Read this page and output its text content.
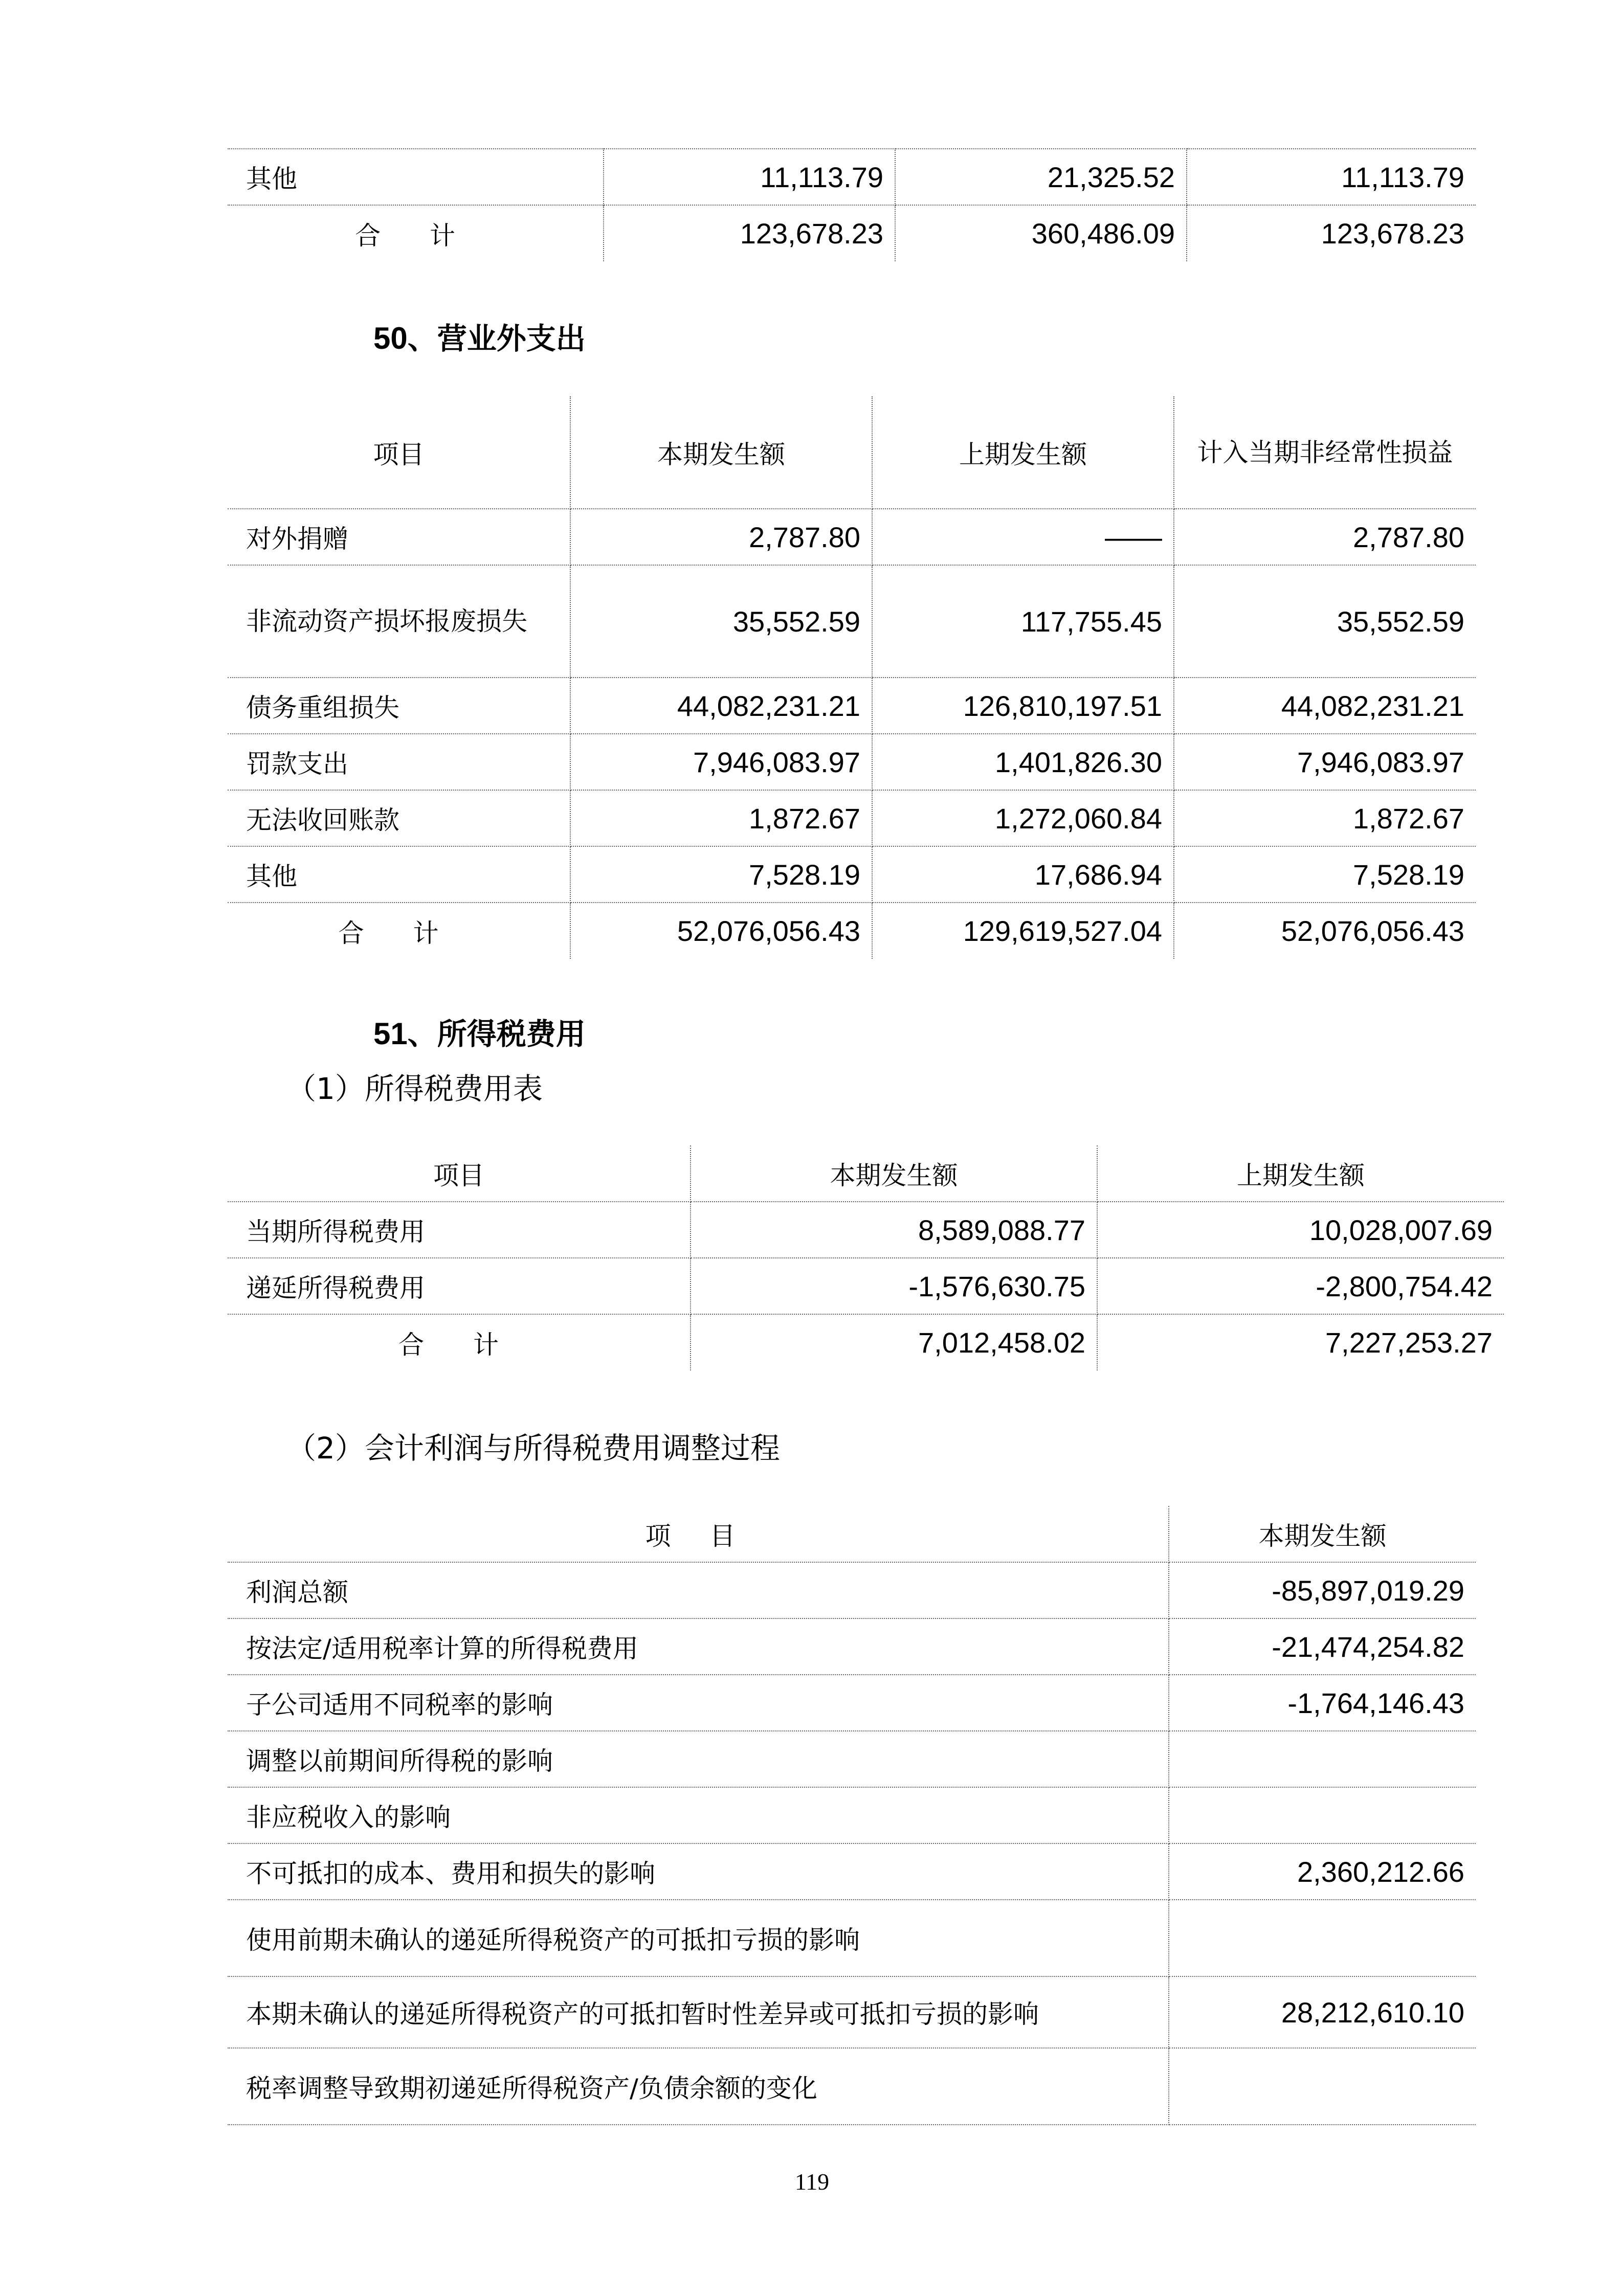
其他	11,113.79	21,325.52	11,113.79
合 计	123,678.23	360,486.09	123,678.23
50、营业外支出
项目	本期发生额	上期发生额	计入当期非经常性损益
对外捐赠	2,787.80	——	2,787.80
非流动资产损坏报废损失	35,552.59	117,755.45	35,552.59
债务重组损失	44,082,231.21	126,810,197.51	44,082,231.21
罚款支出	7,946,083.97	1,401,826.30	7,946,083.97
无法收回账款	1,872.67	1,272,060.84	1,872.67
其他	7,528.19	17,686.94	7,528.19
合 计	52,076,056.43	129,619,527.04	52,076,056.43
51、所得税费用
（1）所得税费用表
项目	本期发生额	上期发生额
当期所得税费用	8,589,088.77	10,028,007.69
递延所得税费用	-1,576,630.75	-2,800,754.42
合 计	7,012,458.02	7,227,253.27
（2）会计利润与所得税费用调整过程
项 目	本期发生额
利润总额	-85,897,019.29
按法定/适用税率计算的所得税费用	-21,474,254.82
子公司适用不同税率的影响	-1,764,146.43
调整以前期间所得税的影响	
非应税收入的影响	
不可抵扣的成本、费用和损失的影响	2,360,212.66
使用前期未确认的递延所得税资产的可抵扣亏损的影响	
本期未确认的递延所得税资产的可抵扣暂时性差异或可抵扣亏损的影响	28,212,610.10
税率调整导致期初递延所得税资产/负债余额的变化	
119
